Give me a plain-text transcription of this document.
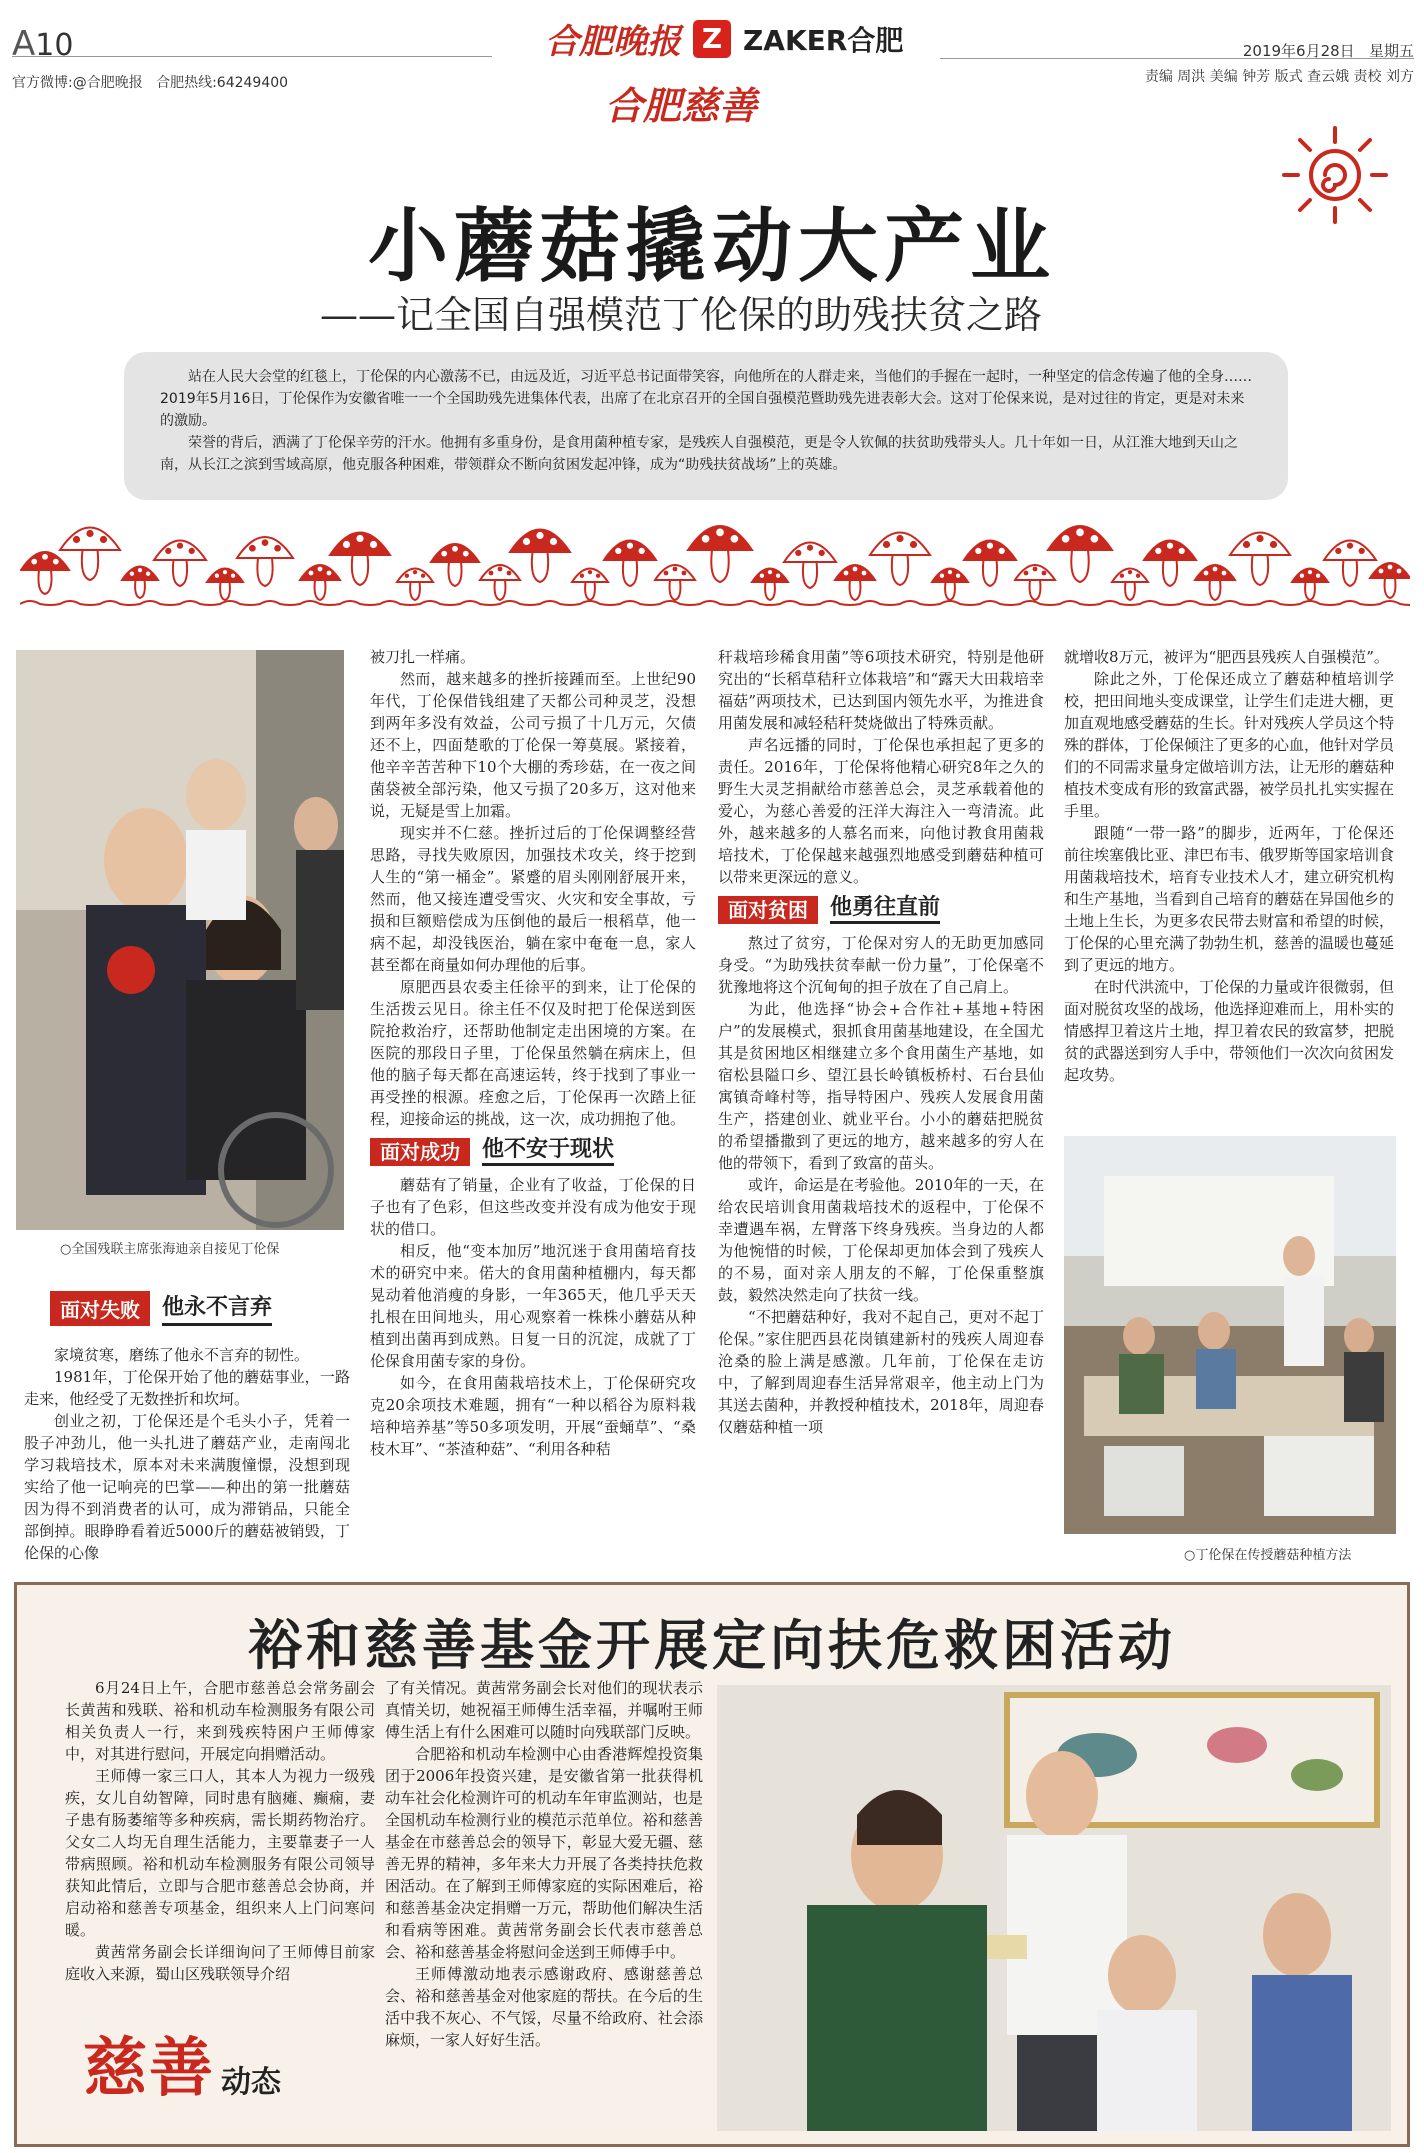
A10
官方微博:@合肥晚报 合肥热线:64249400
合肥晚报 Z ZAKER合肥
合肥慈善
2019年6月28日 星期五
责编 周洪 美编 钟芳 版式 查云娥 责校 刘方
小蘑菇撬动大产业
——记全国自强模范丁伦保的助残扶贫之路

站在人民大会堂的红毯上，丁伦保的内心激荡不已，由远及近，习近平总书记面带笑容，向他所在的人群走来，当他们的手握在一起时，一种坚定的信念传遍了他的全身……2019年5月16日，丁伦保作为安徽省唯一一个全国助残先进集体代表，出席了在北京召开的全国自强模范暨助残先进表彰大会。这对丁伦保来说，是对过往的肯定，更是对未来的激励。

荣誉的背后，洒满了丁伦保辛劳的汗水。他拥有多重身份，是食用菌种植专家，是残疾人自强模范，更是令人钦佩的扶贫助残带头人。几十年如一日，从江淮大地到天山之南，从长江之滨到雪域高原，他克服各种困难，带领群众不断向贫困发起冲锋，成为“助残扶贫战场”上的英雄。

○全国残联主席张海迪亲自接见丁伦保
面对失败	他永不言弃

家境贫寒，磨练了他永不言弃的韧性。

1981年，丁伦保开始了他的蘑菇事业，一路走来，他经受了无数挫折和坎坷。

创业之初，丁伦保还是个毛头小子，凭着一股子冲劲儿，他一头扎进了蘑菇产业，走南闯北学习栽培技术，原本对未来满腹憧憬，没想到现实给了他一记响亮的巴掌——种出的第一批蘑菇因为得不到消费者的认可，成为滞销品，只能全部倒掉。眼睁睁看着近5000斤的蘑菇被销毁，丁伦保的心像

被刀扎一样痛。

然而，越来越多的挫折接踵而至。上世纪90年代，丁伦保借钱组建了天都公司种灵芝，没想到两年多没有效益，公司亏损了十几万元，欠债还不上，四面楚歌的丁伦保一筹莫展。紧接着，他辛辛苦苦种下10个大棚的秀珍菇，在一夜之间菌袋被全部污染，他又亏损了20多万，这对他来说，无疑是雪上加霜。

现实并不仁慈。挫折过后的丁伦保调整经营思路，寻找失败原因，加强技术攻关，终于挖到人生的“第一桶金”。紧蹙的眉头刚刚舒展开来，然而，他又接连遭受雪灾、火灾和安全事故，亏损和巨额赔偿成为压倒他的最后一根稻草，他一病不起，却没钱医治，躺在家中奄奄一息，家人甚至都在商量如何办理他的后事。

原肥西县农委主任徐平的到来，让丁伦保的生活拨云见日。徐主任不仅及时把丁伦保送到医院抢救治疗，还帮助他制定走出困境的方案。在医院的那段日子里，丁伦保虽然躺在病床上，但他的脑子每天都在高速运转，终于找到了事业一再受挫的根源。痊愈之后，丁伦保再一次踏上征程，迎接命运的挑战，这一次，成功拥抱了他。

面对成功	他不安于现状

蘑菇有了销量，企业有了收益，丁伦保的日子也有了色彩，但这些改变并没有成为他安于现状的借口。

相反，他“变本加厉”地沉迷于食用菌培育技术的研究中来。偌大的食用菌种植棚内，每天都晃动着他消瘦的身影，一年365天，他几乎天天扎根在田间地头，用心观察着一株株小蘑菇从种植到出菌再到成熟。日复一日的沉淀，成就了丁伦保食用菌专家的身份。

如今，在食用菌栽培技术上，丁伦保研究攻克20余项技术难题，拥有“一种以稻谷为原料栽培种培养基”等50多项发明，开展“蚕蛹草”、“桑枝木耳”、“茶渣种菇”、“利用各种秸

秆栽培珍稀食用菌”等6项技术研究，特别是他研究出的“长稻草秸秆立体栽培”和“露天大田栽培幸福菇”两项技术，已达到国内领先水平，为推进食用菌发展和减轻秸秆焚烧做出了特殊贡献。

声名远播的同时，丁伦保也承担起了更多的责任。2016年，丁伦保将他精心研究8年之久的野生大灵芝捐献给市慈善总会，灵芝承载着他的爱心，为慈心善爱的汪洋大海注入一弯清流。此外，越来越多的人慕名而来，向他讨教食用菌栽培技术，丁伦保越来越强烈地感受到蘑菇种植可以带来更深远的意义。

面对贫困	他勇往直前

熬过了贫穷，丁伦保对穷人的无助更加感同身受。“为助残扶贫奉献一份力量”，丁伦保毫不犹豫地将这个沉甸甸的担子放在了自己肩上。

为此，他选择“协会+合作社+基地+特困户”的发展模式，狠抓食用菌基地建设，在全国尤其是贫困地区相继建立多个食用菌生产基地，如宿松县隘口乡、望江县长岭镇板桥村、石台县仙寓镇奇峰村等，指导特困户、残疾人发展食用菌生产，搭建创业、就业平台。小小的蘑菇把脱贫的希望播撒到了更远的地方，越来越多的穷人在他的带领下，看到了致富的苗头。

或许，命运是在考验他。2010年的一天，在给农民培训食用菌栽培技术的返程中，丁伦保不幸遭遇车祸，左臂落下终身残疾。当身边的人都为他惋惜的时候，丁伦保却更加体会到了残疾人的不易，面对亲人朋友的不解，丁伦保重整旗鼓，毅然决然走向了扶贫一线。

“不把蘑菇种好，我对不起自己，更对不起丁伦保。”家住肥西县花岗镇建新村的残疾人周迎春沧桑的脸上满是感激。几年前，丁伦保在走访中，了解到周迎春生活异常艰辛，他主动上门为其送去菌种，并教授种植技术，2018年，周迎春仅蘑菇种植一项

就增收8万元，被评为“肥西县残疾人自强模范”。

除此之外，丁伦保还成立了蘑菇种植培训学校，把田间地头变成课堂，让学生们走进大棚，更加直观地感受蘑菇的生长。针对残疾人学员这个特殊的群体，丁伦保倾注了更多的心血，他针对学员们的不同需求量身定做培训方法，让无形的蘑菇种植技术变成有形的致富武器，被学员扎扎实实握在手里。

跟随“一带一路”的脚步，近两年，丁伦保还前往埃塞俄比亚、津巴布韦、俄罗斯等国家培训食用菌栽培技术，培育专业技术人才，建立研究机构和生产基地，当看到自己培育的蘑菇在异国他乡的土地上生长，为更多农民带去财富和希望的时候，丁伦保的心里充满了勃勃生机，慈善的温暖也蔓延到了更远的地方。

在时代洪流中，丁伦保的力量或许很微弱，但面对脱贫攻坚的战场，他选择迎难而上，用朴实的情感捍卫着这片土地，捍卫着农民的致富梦，把脱贫的武器送到穷人手中，带领他们一次次向贫困发起攻势。

○丁伦保在传授蘑菇种植方法
裕和慈善基金开展定向扶危救困活动

6月24日上午，合肥市慈善总会常务副会长黄茜和残联、裕和机动车检测服务有限公司相关负责人一行，来到残疾特困户王师傅家中，对其进行慰问，开展定向捐赠活动。

王师傅一家三口人，其本人为视力一级残疾，女儿自幼智障，同时患有脑瘫、癫痫，妻子患有肠萎缩等多种疾病，需长期药物治疗。父女二人均无自理生活能力，主要靠妻子一人带病照顾。裕和机动车检测服务有限公司领导获知此情后，立即与合肥市慈善总会协商，并启动裕和慈善专项基金，组织来人上门问寒问暖。

黄茜常务副会长详细询问了王师傅目前家庭收入来源，蜀山区残联领导介绍

了有关情况。黄茜常务副会长对他们的现状表示真情关切，她祝福王师傅生活幸福，并嘱咐王师傅生活上有什么困难可以随时向残联部门反映。

合肥裕和机动车检测中心由香港辉煌投资集团于2006年投资兴建，是安徽省第一批获得机动车社会化检测许可的机动车年审监测站，也是全国机动车检测行业的模范示范单位。裕和慈善基金在市慈善总会的领导下，彰显大爱无疆、慈善无界的精神，多年来大力开展了各类持扶危救困活动。在了解到王师傅家庭的实际困难后，裕和慈善基金决定捐赠一万元，帮助他们解决生活和看病等困难。黄茜常务副会长代表市慈善总会、裕和慈善基金将慰问金送到王师傅手中。

王师傅激动地表示感谢政府、感谢慈善总会、裕和慈善基金对他家庭的帮扶。在今后的生活中我不灰心、不气馁，尽量不给政府、社会添麻烦，一家人好好生活。

慈善 动态
